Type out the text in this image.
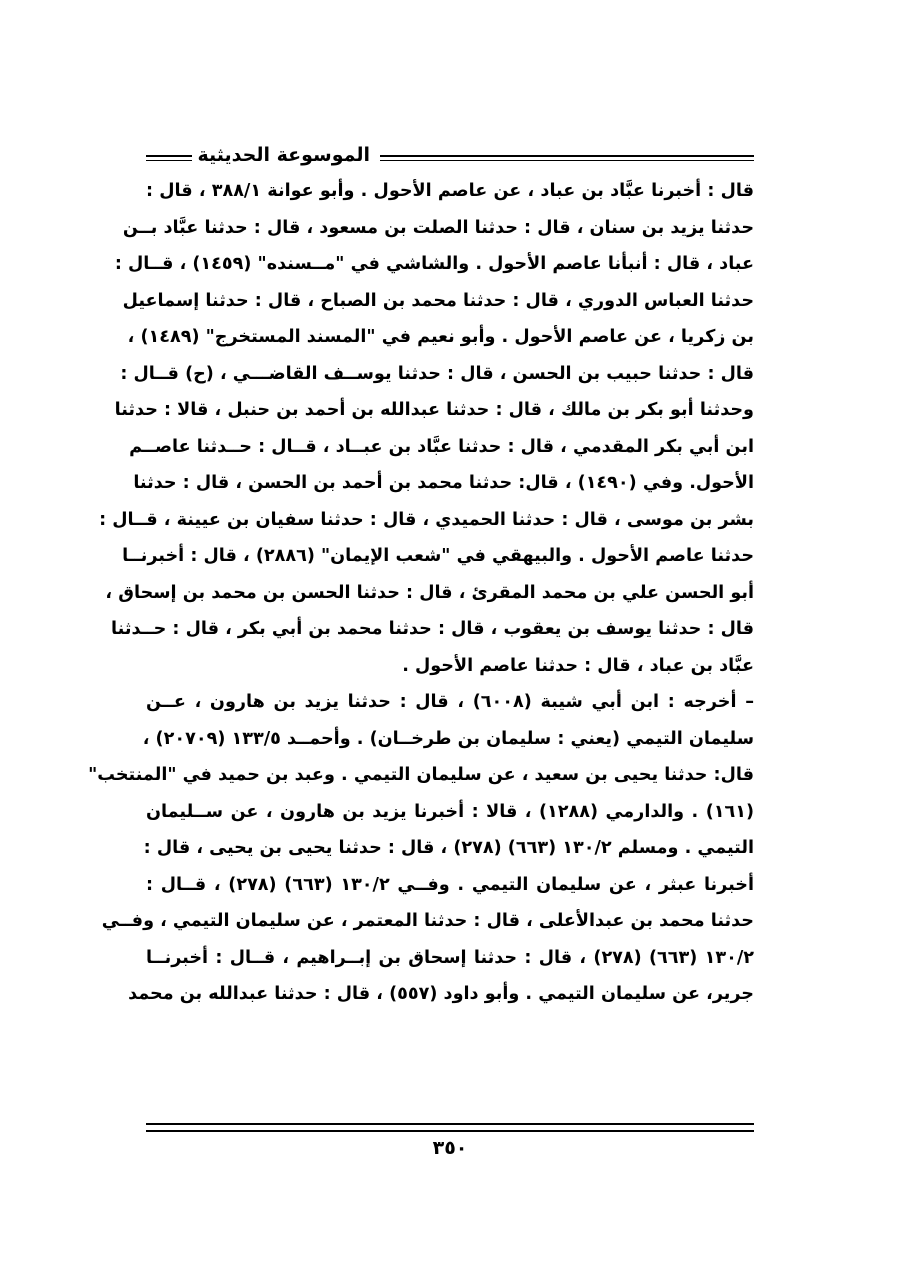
الموسوعة الحديثية
قال : أخبرنا عبَّاد بن عباد ، عن عاصم الأحول . وأبو عوانة ٣٨٨/١ ، قال :
حدثنا يزيد بن سنان ، قال : حدثنا الصلت بن مسعود ، قال : حدثنا عبَّاد بــن
عباد ، قال : أنبأنا عاصم الأحول . والشاشي في "مــسنده" (١٤٥٩) ، قــال :
حدثنا العباس الدوري ، قال : حدثنا محمد بن الصباح ، قال : حدثنا إسماعيل
بن زكريا ، عن عاصم الأحول . وأبو نعيم في "المسند المستخرج" (١٤٨٩) ،
قال : حدثنا حبيب بن الحسن ، قال : حدثنا يوســف القاضـــي ، (ح) قــال :
وحدثنا أبو بكر بن مالك ، قال : حدثنا عبدالله بن أحمد بن حنبل ، قالا : حدثنا
ابن أبي بكر المقدمي ، قال : حدثنا عبَّاد بن عبــاد ، قــال : حــدثنا عاصــم
الأحول. وفي (١٤٩٠) ، قال: حدثنا محمد بن أحمد بن الحسن ، قال : حدثنا
بشر بن موسى ، قال : حدثنا الحميدي ، قال : حدثنا سفيان بن عيينة ، قــال :
حدثنا عاصم الأحول . والبيهقي في "شعب الإيمان" (٢٨٨٦) ، قال : أخبرنــا
أبو الحسن علي بن محمد المقرئ ، قال : حدثنا الحسن بن محمد بن إسحاق ،
قال : حدثنا يوسف بن يعقوب ، قال : حدثنا محمد بن أبي بكر ، قال : حــدثنا
عبَّاد بن عباد ، قال : حدثنا عاصم الأحول .
– أخرجه : ابن أبي شيبة (٦٠٠٨) ، قال : حدثنا يزيد بن هارون ، عــن
سليمان التيمي (يعني : سليمان بن طرخــان) . وأحمــد ١٣٣/٥ (٢٠٧٠٩) ،
قال: حدثنا يحيى بن سعيد ، عن سليمان التيمي . وعبد بن حميد في "المنتخب"
(١٦١) . والدارمي (١٢٨٨) ، قالا : أخبرنا يزيد بن هارون ، عن ســليمان
التيمي . ومسلم ١٣٠/٢ (٦٦٣) (٢٧٨) ، قال : حدثنا يحيى بن يحيى ، قال :
أخبرنا عبثر ، عن سليمان التيمي . وفــي ١٣٠/٢ (٦٦٣) (٢٧٨) ، قــال :
حدثنا محمد بن عبدالأعلى ، قال : حدثنا المعتمر ، عن سليمان التيمي ، وفــي
١٣٠/٢ (٦٦٣) (٢٧٨) ، قال : حدثنا إسحاق بن إبــراهيم ، قــال : أخبرنــا
جرير، عن سليمان التيمي . وأبو داود (٥٥٧) ، قال : حدثنا عبدالله بن محمد
٣٥٠
